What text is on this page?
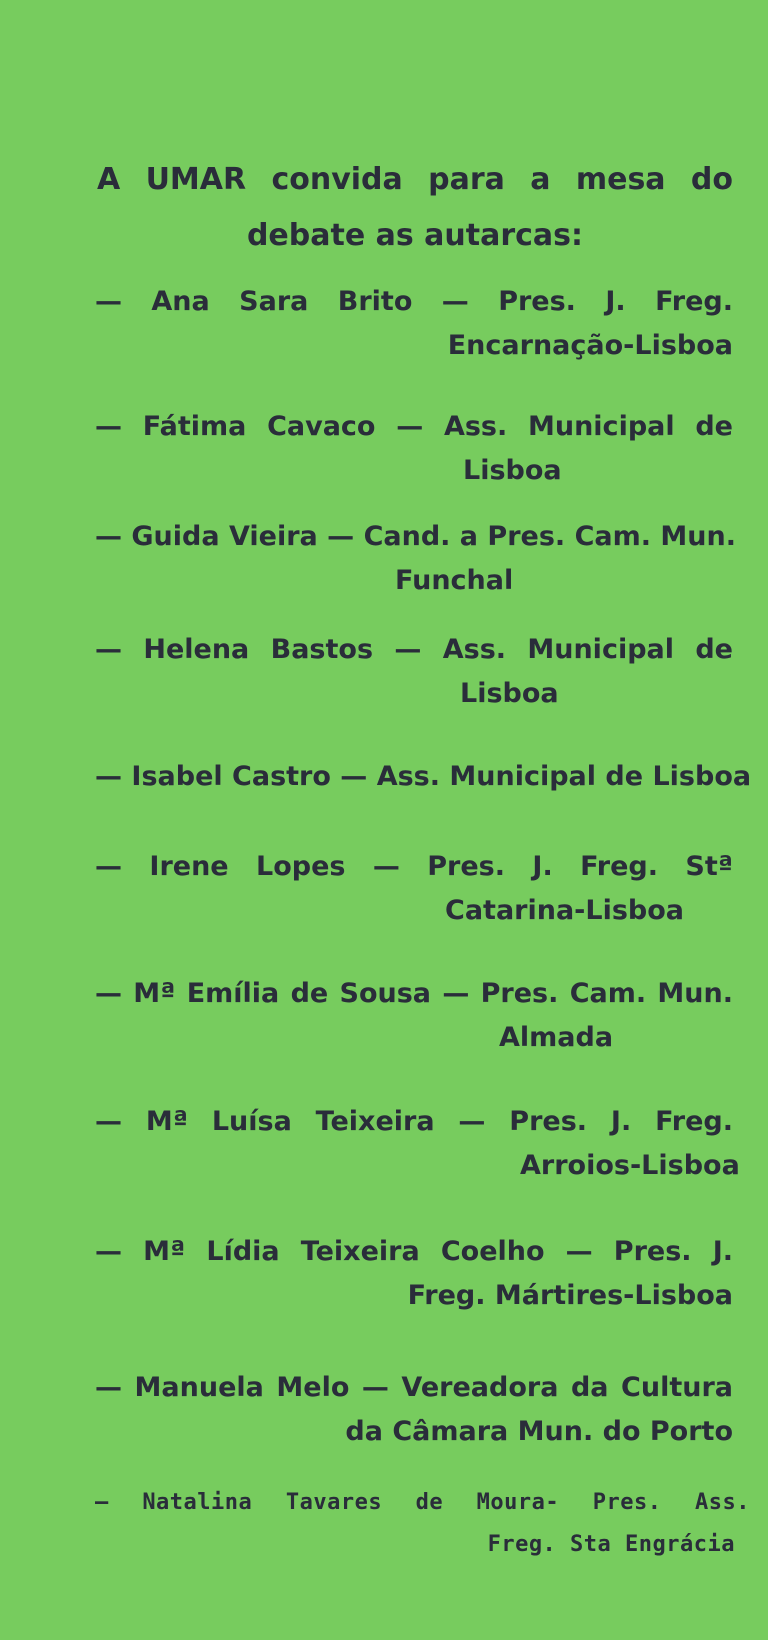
A UMAR convida para a mesa do
debate as autarcas:
— Ana Sara Brito — Pres. J. Freg.
Encarnação-Lisboa
— Fátima Cavaco — Ass. Municipal de
Lisboa
— Guida Vieira — Cand. a Pres. Cam. Mun.
Funchal
— Helena Bastos — Ass. Municipal de
Lisboa
— Isabel Castro — Ass. Municipal de Lisboa
— Irene Lopes — Pres. J. Freg. Stª
Catarina-Lisboa
— Mª Emília de Sousa — Pres. Cam. Mun.
Almada
— Mª Luísa Teixeira — Pres. J. Freg.
Arroios-Lisboa
— Mª Lídia Teixeira Coelho — Pres. J.
Freg. Mártires-Lisboa
— Manuela Melo — Vereadora da Cultura
da Câmara Mun. do Porto
— Natalina Tavares de Moura- Pres. Ass.
Freg. Sta Engrácia
